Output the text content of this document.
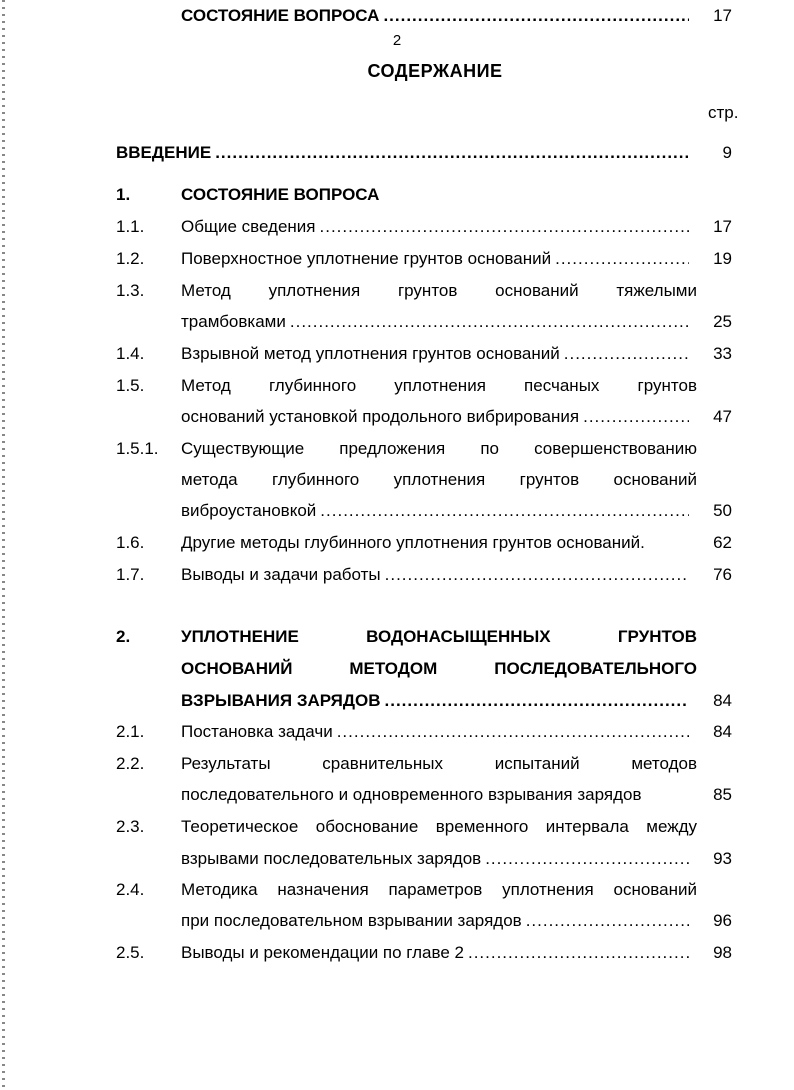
2
СОДЕРЖАНИЕ
стр.
ВВЕДЕНИЕ .....	9
1.	СОСТОЯНИЕ ВОПРОСА
СОСТОЯНИЕ ВОПРОСА .....	17
1.1. Общие сведения .....	17
1.2. Поверхностное уплотнение грунтов оснований .....	19
1.3. Метод уплотнения грунтов оснований тяжелыми
трамбовками .....	25
1.4. Взрывной метод уплотнения грунтов оснований .....	33
1.5. Метод глубинного уплотнения песчаных грунтов
оснований установкой продольного вибрирования .....	47
1.5.1. Существующие предложения по совершенствованию
метода глубинного уплотнения грунтов оснований
виброустановкой .....	50
1.6. Другие методы глубинного уплотнения грунтов оснований.	62
1.7. Выводы и задачи работы .....	76
2.	УПЛОТНЕНИЕ	ВОДОНАСЫЩЕННЫХ	ГРУНТОВ
ОСНОВАНИЙ	МЕТОДОМ	ПОСЛЕДОВАТЕЛЬНОГО
ВЗРЫВАНИЯ ЗАРЯДОВ .....	84
2.1. Постановка задачи .....	84
2.2. Результаты	сравнительных	испытаний	методов
последовательного и одновременного взрывания зарядов	85
2.3. Теоретическое обоснование временного интервала между
взрывами последовательных зарядов .....	93
2.4. Методика назначения параметров уплотнения оснований
при последовательном взрывании зарядов .....	96
2.5. Выводы и рекомендации по главе 2 .....	98
